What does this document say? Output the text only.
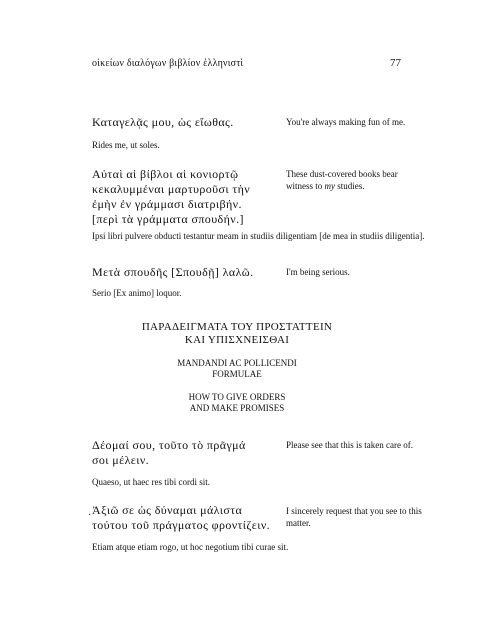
οἰκείων διαλόγων βιβλίον ἑλληνιστὶ	77
Καταγελᾷς μου, ὡς εἴωθας.	You're always making fun of me.
Rides me, ut soles.
Αὐταὶ αἱ βίβλοι αἱ κονιορτῷ
κεκαλυμμέναι μαρτυροῦσι τὴν
ἐμὴν ἐν γράμμασι διατριβήν.
[περὶ τὰ γράμματα σπουδήν.]
These dust-covered books bear witness to my studies.
Ipsi libri pulvere obducti testantur meam in studiis diligentiam [de mea in studiis diligentia].
Μετὰ σπουδῆς [Σπουδῇ] λαλῶ.	I'm being serious.
Serio [Ex animo] loquor.
ΠΑΡΑΔΕΙΓΜΑΤΑ ΤΟΥ ΠΡΟΣΤΑΤΤΕΙΝ
ΚΑΙ ΥΠΙΣΧΝΕΙΣΘΑΙ
MANDANDI AC POLLICENDI
FORMULAE
HOW TO GIVE ORDERS
AND MAKE PROMISES
Δέομαί σου, τοῦτο τὸ πρᾶγμά
σοι μέλειν.
Please see that this is taken care of.
Quaeso, ut haec res tibi cordi sit.
· Ἀξιῶ σε ὡς δύναμαι μάλιστα
τούτου τοῦ πράγματος φροντίζειν.
I sincerely request that you see to this matter.
Etiam atque etiam rogo, ut hoc negotium tibi curae sit.
